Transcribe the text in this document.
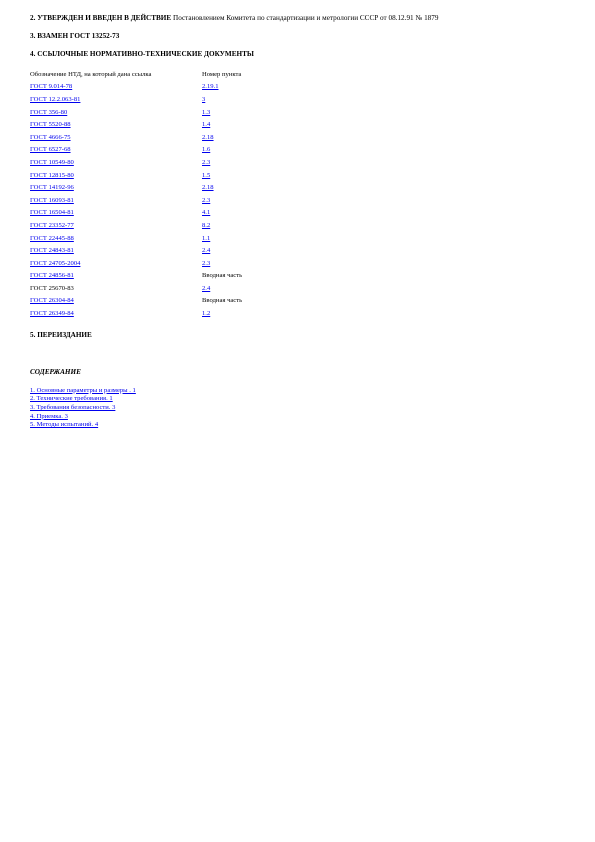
2. УТВЕРЖДЕН И ВВЕДЕН В ДЕЙСТВИЕ Постановлением Комитета по стандартизации и метрологии СССР от 08.12.91 № 1879

3. ВЗАМЕН ГОСТ 13252-73

4. ССЫЛОЧНЫЕ НОРМАТИВНО-ТЕХНИЧЕСКИЕ ДОКУМЕНТЫ

Обозначение НТД, на который дана ссылка	Номер пункта
ГОСТ 9.014-78	2.19.1
ГОСТ 12.2.063-81	3
ГОСТ 356-80	1.3
ГОСТ 5520-88	1.4
ГОСТ 4666-75	2.18
ГОСТ 6527-68	1.6
ГОСТ 10549-80	2.3
ГОСТ 12815-80	1.5
ГОСТ 14192-96	2.18
ГОСТ 16093-81	2.3
ГОСТ 16504-81	4.1
ГОСТ 23352-77	8.2
ГОСТ 22445-88	1.1
ГОСТ 24843-81	2.4
ГОСТ 24705-2004	2.3
ГОСТ 24856-81	Вводная часть
ГОСТ 25670-83	2.4
ГОСТ 26304-84	Вводная часть
ГОСТ 26349-84	1.2

5. ПЕРЕИЗДАНИЕ

СОДЕРЖАНИЕ

1. Основные параметры и размеры . 1
2. Технические требования. 1
3. Требования безопасности. 3
4. Приемка. 3
5. Методы испытаний. 4
